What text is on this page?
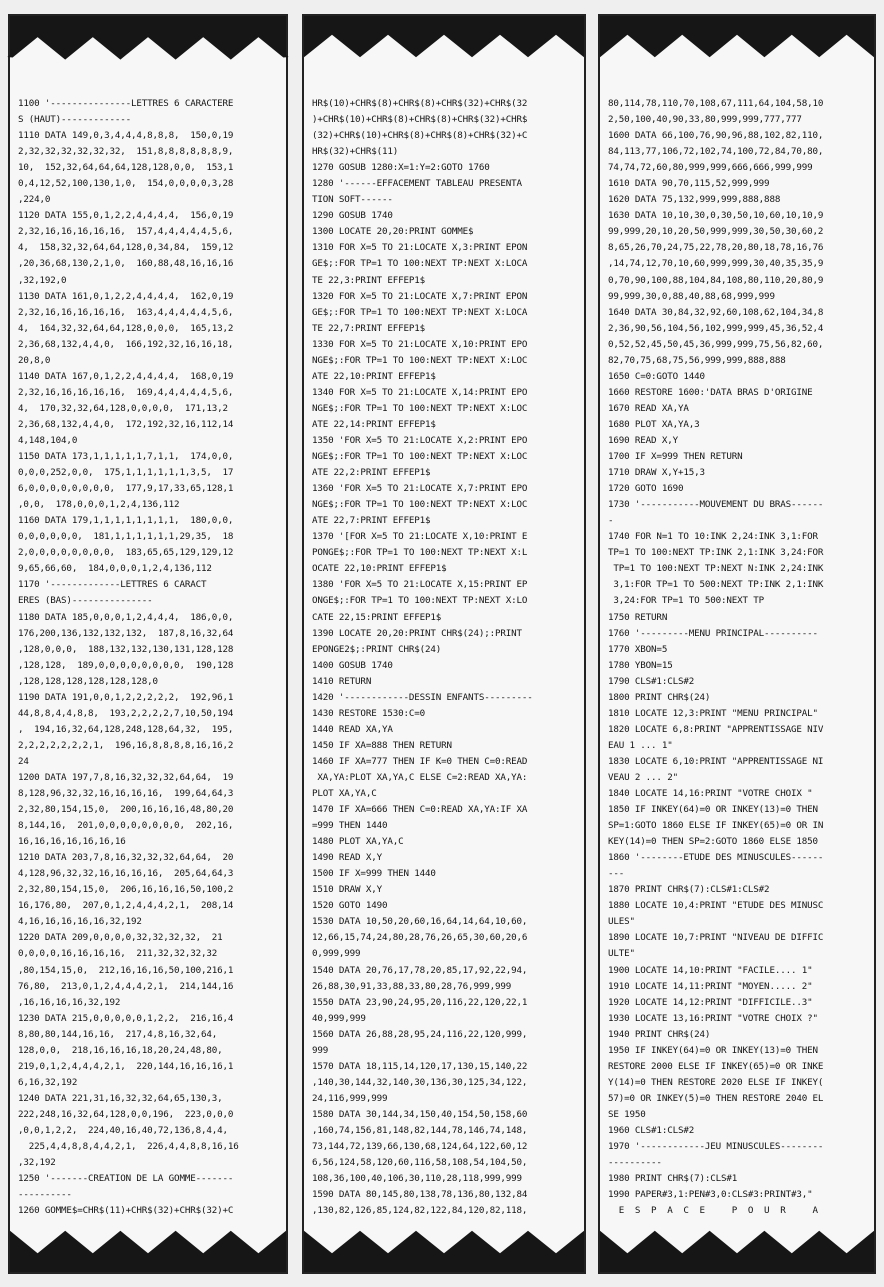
1100 '---------------LETTRES 6 CARACTERE
S (HAUT)-------------
1110 DATA 149,0,3,4,4,4,8,8,8,  150,0,19
2,32,32,32,32,32,32,  151,8,8,8,8,8,8,9,
10,  152,32,64,64,64,128,128,0,0,  153,1
0,4,12,52,100,130,1,0,  154,0,0,0,0,3,28
,224,0
1120 DATA 155,0,1,2,2,4,4,4,4,  156,0,19
2,32,16,16,16,16,16,  157,4,4,4,4,4,5,6,
4,  158,32,32,64,64,128,0,34,84,  159,12
,20,36,68,130,2,1,0,  160,88,48,16,16,16
,32,192,0
1130 DATA 161,0,1,2,2,4,4,4,4,  162,0,19
2,32,16,16,16,16,16,  163,4,4,4,4,4,5,6,
4,  164,32,32,64,64,128,0,0,0,  165,13,2
2,36,68,132,4,4,0,  166,192,32,16,16,18,
20,8,0
1140 DATA 167,0,1,2,2,4,4,4,4,  168,0,19
2,32,16,16,16,16,16,  169,4,4,4,4,4,5,6,
4,  170,32,32,64,128,0,0,0,0,  171,13,2
2,36,68,132,4,4,0,  172,192,32,16,112,14
4,148,104,0
1150 DATA 173,1,1,1,1,1,7,1,1,  174,0,0,
0,0,0,252,0,0,  175,1,1,1,1,1,1,3,5,  17
6,0,0,0,0,0,0,0,0,  177,9,17,33,65,128,1
,0,0,  178,0,0,0,1,2,4,136,112
1160 DATA 179,1,1,1,1,1,1,1,1,  180,0,0,
0,0,0,0,0,0,  181,1,1,1,1,1,1,29,35,  18
2,0,0,0,0,0,0,0,0,  183,65,65,129,129,12
9,65,66,60,  184,0,0,0,1,2,4,136,112
1170 '-------------LETTRES 6 CARACT
ERES (BAS)---------------
1180 DATA 185,0,0,0,1,2,4,4,4,  186,0,0,
176,200,136,132,132,132,  187,8,16,32,64
,128,0,0,0,  188,132,132,130,131,128,128
,128,128,  189,0,0,0,0,0,0,0,0,  190,128
,128,128,128,128,128,128,0
1190 DATA 191,0,0,1,2,2,2,2,2,  192,96,1
44,8,8,4,4,8,8,  193,2,2,2,2,7,10,50,194
,  194,16,32,64,128,248,128,64,32,  195,
2,2,2,2,2,2,2,1,  196,16,8,8,8,8,16,16,2
24
1200 DATA 197,7,8,16,32,32,32,64,64,  19
8,128,96,32,32,16,16,16,16,  199,64,64,3
2,32,80,154,15,0,  200,16,16,16,48,80,20
8,144,16,  201,0,0,0,0,0,0,0,0,  202,16,
16,16,16,16,16,16,16
1210 DATA 203,7,8,16,32,32,32,64,64,  20
4,128,96,32,32,16,16,16,16,  205,64,64,3
2,32,80,154,15,0,  206,16,16,16,50,100,2
16,176,80,  207,0,1,2,4,4,4,2,1,  208,14
4,16,16,16,16,16,32,192
1220 DATA 209,0,0,0,0,32,32,32,32,  21
0,0,0,0,16,16,16,16,  211,32,32,32,32
,80,154,15,0,  212,16,16,16,50,100,216,1
76,80,  213,0,1,2,4,4,4,2,1,  214,144,16
,16,16,16,16,32,192
1230 DATA 215,0,0,0,0,0,1,2,2,  216,16,4
8,80,80,144,16,16,  217,4,8,16,32,64,
128,0,0,  218,16,16,16,18,20,24,48,80,
219,0,1,2,4,4,4,2,1,  220,144,16,16,16,1
6,16,32,192
1240 DATA 221,31,16,32,32,64,65,130,3,
222,248,16,32,64,128,0,0,196,  223,0,0,0
,0,0,1,2,2,  224,40,16,40,72,136,8,4,4,
225,4,4,8,8,4,4,2,1,  226,4,4,8,8,16,16
,32,192
1250 '-------CREATION DE LA GOMME-------
----------
1260 GOMME$=CHR$(11)+CHR$(32)+CHR$(32)+C
HR$(10)+CHR$(8)+CHR$(8)+CHR$(32)+CHR$(32
)+CHR$(10)+CHR$(8)+CHR$(8)+CHR$(32)+CHR$
(32)+CHR$(10)+CHR$(8)+CHR$(8)+CHR$(32)+C
HR$(32)+CHR$(11)
1270 GOSUB 1280:X=1:Y=2:GOTO 1760
1280 '------EFFACEMENT TABLEAU PRESENTA
TION SOFT------
1290 GOSUB 1740
1300 LOCATE 20,20:PRINT GOMME$
1310 FOR X=5 TO 21:LOCATE X,3:PRINT EPON
GE$;:FOR TP=1 TO 100:NEXT TP:NEXT X:LOCA
TE 22,3:PRINT EFFEP1$
1320 FOR X=5 TO 21:LOCATE X,7:PRINT EPON
GE$;:FOR TP=1 TO 100:NEXT TP:NEXT X:LOCA
TE 22,7:PRINT EFFEP1$
1330 FOR X=5 TO 21:LOCATE X,10:PRINT EPO
NGE$;:FOR TP=1 TO 100:NEXT TP:NEXT X:LOC
ATE 22,10:PRINT EFFEP1$
1340 FOR X=5 TO 21:LOCATE X,14:PRINT EPO
NGE$;:FOR TP=1 TO 100:NEXT TP:NEXT X:LOC
ATE 22,14:PRINT EFFEP1$
1350 'FOR X=5 TO 21:LOCATE X,2:PRINT EPO
NGE$;:FOR TP=1 TO 100:NEXT TP:NEXT X:LOC
ATE 22,2:PRINT EFFEP1$
1360 'FOR X=5 TO 21:LOCATE X,7:PRINT EPO
NGE$;:FOR TP=1 TO 100:NEXT TP:NEXT X:LOC
ATE 22,7:PRINT EFFEP1$
1370 '[FOR X=5 TO 21:LOCATE X,10:PRINT E
PONGE$;:FOR TP=1 TO 100:NEXT TP:NEXT X:L
OCATE 22,10:PRINT EFFEP1$
1380 'FOR X=5 TO 21:LOCATE X,15:PRINT EP
ONGE$;:FOR TP=1 TO 100:NEXT TP:NEXT X:LO
CATE 22,15:PRINT EFFEP1$
1390 LOCATE 20,20:PRINT CHR$(24);:PRINT
EPONGE2$;:PRINT CHR$(24)
1400 GOSUB 1740
1410 RETURN
1420 '------------DESSIN ENFANTS---------
1430 RESTORE 1530:C=0
1440 READ XA,YA
1450 IF XA=888 THEN RETURN
1460 IF XA=777 THEN IF K=0 THEN C=0:READ
XA,YA:PLOT XA,YA,C ELSE C=2:READ XA,YA:
PLOT XA,YA,C
1470 IF XA=666 THEN C=0:READ XA,YA:IF XA
=999 THEN 1440
1480 PLOT XA,YA,C
1490 READ X,Y
1500 IF X=999 THEN 1440
1510 DRAW X,Y
1520 GOTO 1490
1530 DATA 10,50,20,60,16,64,14,64,10,60,
12,66,15,74,24,80,28,76,26,65,30,60,20,6
0,999,999
1540 DATA 20,76,17,78,20,85,17,92,22,94,
26,88,30,91,33,88,33,80,28,76,999,999
1550 DATA 23,90,24,95,20,116,22,120,22,1
40,999,999
1560 DATA 26,88,28,95,24,116,22,120,999,
999
1570 DATA 18,115,14,120,17,130,15,140,22
,140,30,144,32,140,30,136,30,125,34,122,
24,116,999,999
1580 DATA 30,144,34,150,40,154,50,158,60
,160,74,156,81,148,82,144,78,146,74,148,
73,144,72,139,66,130,68,124,64,122,60,12
6,56,124,58,120,60,116,58,108,54,104,50,
108,36,100,40,106,30,110,28,118,999,999
1590 DATA 80,145,80,138,78,136,80,132,84
,130,82,126,85,124,82,122,84,120,82,118,
80,114,78,110,70,108,67,111,64,104,58,10
2,50,100,40,90,33,80,999,999,777,777
1600 DATA 66,100,76,90,96,88,102,82,110,
84,113,77,106,72,102,74,100,72,84,70,80,
74,74,72,60,80,999,999,666,666,999,999
1610 DATA 90,70,115,52,999,999
1620 DATA 75,132,999,999,888,888
1630 DATA 10,10,30,0,30,50,10,60,10,10,9
99,999,20,10,20,50,999,999,30,50,30,60,2
8,65,26,70,24,75,22,78,20,80,18,78,16,76
,14,74,12,70,10,60,999,999,30,40,35,35,9
0,70,90,100,88,104,84,108,80,110,20,80,9
99,999,30,0,88,40,88,68,999,999
1640 DATA 30,84,32,92,60,108,62,104,34,8
2,36,90,56,104,56,102,999,999,45,36,52,4
0,52,52,45,50,45,36,999,999,75,56,82,60,
82,70,75,68,75,56,999,999,888,888
1650 C=0:GOTO 1440
1660 RESTORE 1600:'DATA BRAS D'ORIGINE
1670 READ XA,YA
1680 PLOT XA,YA,3
1690 READ X,Y
1700 IF X=999 THEN RETURN
1710 DRAW X,Y+15,3
1720 GOTO 1690
1730 '-----------MOUVEMENT DU BRAS------
-
1740 FOR N=1 TO 10:INK 2,24:INK 3,1:FOR
TP=1 TO 100:NEXT TP:INK 2,1:INK 3,24:FOR
TP=1 TO 100:NEXT TP:NEXT N:INK 2,24:INK
3,1:FOR TP=1 TO 500:NEXT TP:INK 2,1:INK
3,24:FOR TP=1 TO 500:NEXT TP
1750 RETURN
1760 '---------MENU PRINCIPAL----------
1770 XBON=5
1780 YBON=15
1790 CLS#1:CLS#2
1800 PRINT CHR$(24)
1810 LOCATE 12,3:PRINT "MENU PRINCIPAL"
1820 LOCATE 6,8:PRINT "APPRENTISSAGE NIV
EAU 1 ... 1"
1830 LOCATE 6,10:PRINT "APPRENTISSAGE NI
VEAU 2 ... 2"
1840 LOCATE 14,16:PRINT "VOTRE CHOIX "
1850 IF INKEY(64)=0 OR INKEY(13)=0 THEN
SP=1:GOTO 1860 ELSE IF INKEY(65)=0 OR IN
KEY(14)=0 THEN SP=2:GOTO 1860 ELSE 1850
1860 '--------ETUDE DES MINUSCULES------
---
1870 PRINT CHR$(7):CLS#1:CLS#2
1880 LOCATE 10,4:PRINT "ETUDE DES MINUSC
ULES"
1890 LOCATE 10,7:PRINT "NIVEAU DE DIFFIC
ULTE"
1900 LOCATE 14,10:PRINT "FACILE.... 1"
1910 LOCATE 14,11:PRINT "MOYEN..... 2"
1920 LOCATE 14,12:PRINT "DIFFICILE..3"
1930 LOCATE 13,16:PRINT "VOTRE CHOIX ?"
1940 PRINT CHR$(24)
1950 IF INKEY(64)=0 OR INKEY(13)=0 THEN
RESTORE 2000 ELSE IF INKEY(65)=0 OR INKE
Y(14)=0 THEN RESTORE 2020 ELSE IF INKEY(
57)=0 OR INKEY(5)=0 THEN RESTORE 2040 EL
SE 1950
1960 CLS#1:CLS#2
1970 '------------JEU MINUSCULES--------
----------
1980 PRINT CHR$(7):CLS#1
1990 PAPER#3,1:PEN#3,0:CLS#3:PRINT#3,"
E  S  P  A  C  E     P  O  U  R     A
